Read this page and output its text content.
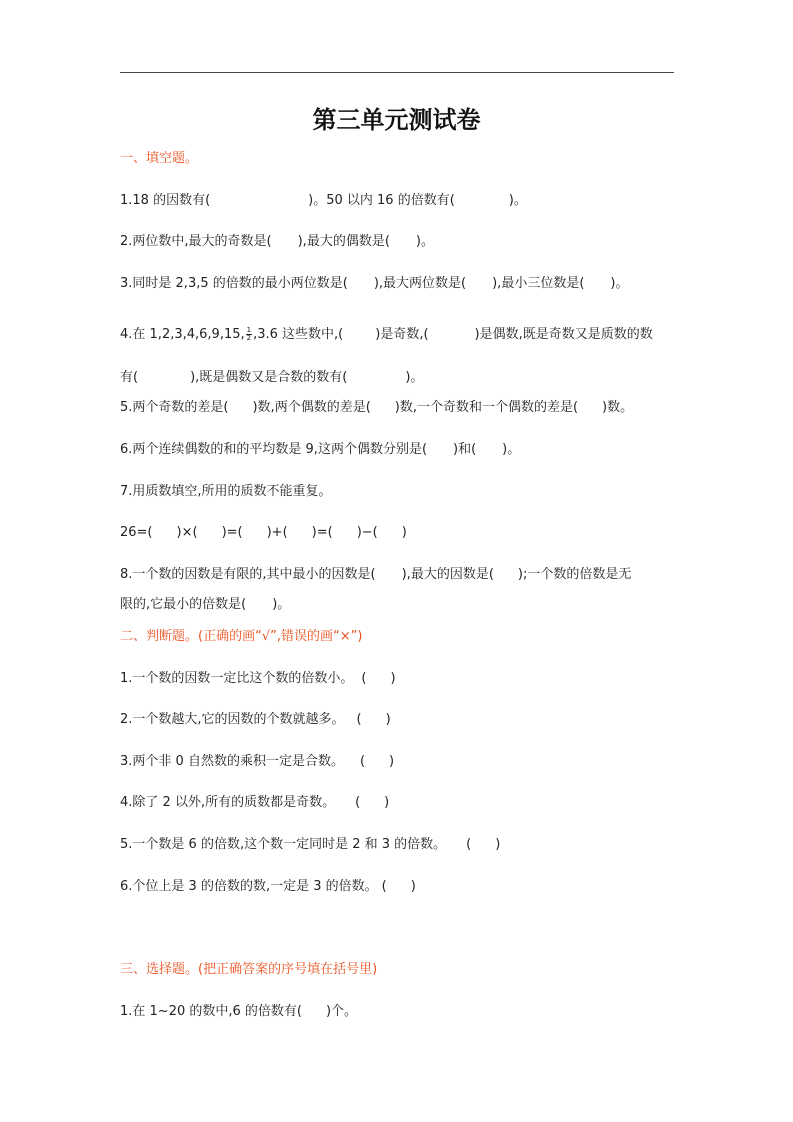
第三单元测试卷
一、填空题。
1.18 的因数有(	)。50 以内 16 的倍数有(	)。
2.两位数中,最大的奇数是( ),最大的偶数是( )。
3.同时是 2,3,5 的倍数的最小两位数是( ),最大两位数是( ),最小三位数是( )。
4.在 1,2,3,4,6,9,15, $\frac{1}{2} ,3.6$ 这些数中,( )是奇数,(	)是偶数,既是奇数又是质数的数
有(	),既是偶数又是合数的数有(	)。
5.两个奇数的差是( )数,两个偶数的差是( )数,一个奇数和一个偶数的差是( )数。
6.两个连续偶数的和的平均数是 9,这两个偶数分别是( )和( )。
7.用质数填空,所用的质数不能重复。
26=( )×( )=( )+( )=( )−( )
8.一个数的因数是有限的,其中最小的因数是( ),最大的因数是( );一个数的倍数是无
限的,它最小的倍数是( )。
二、判断题。(正确的画“√”,错误的画“×”)
1.一个数的因数一定比这个数的倍数小。 ( )
2.一个数越大,它的因数的个数就越多。 ( )
3.两个非 0 自然数的乘积一定是合数。 ( )
4.除了 2 以外,所有的质数都是奇数。 ( )
5.一个数是 6 的倍数,这个数一定同时是 2 和 3 的倍数。 ( )
6.个位上是 3 的倍数的数,一定是 3 的倍数。 ( )
三、选择题。(把正确答案的序号填在括号里)
1.在 1~20 的数中,6 的倍数有( )个。
